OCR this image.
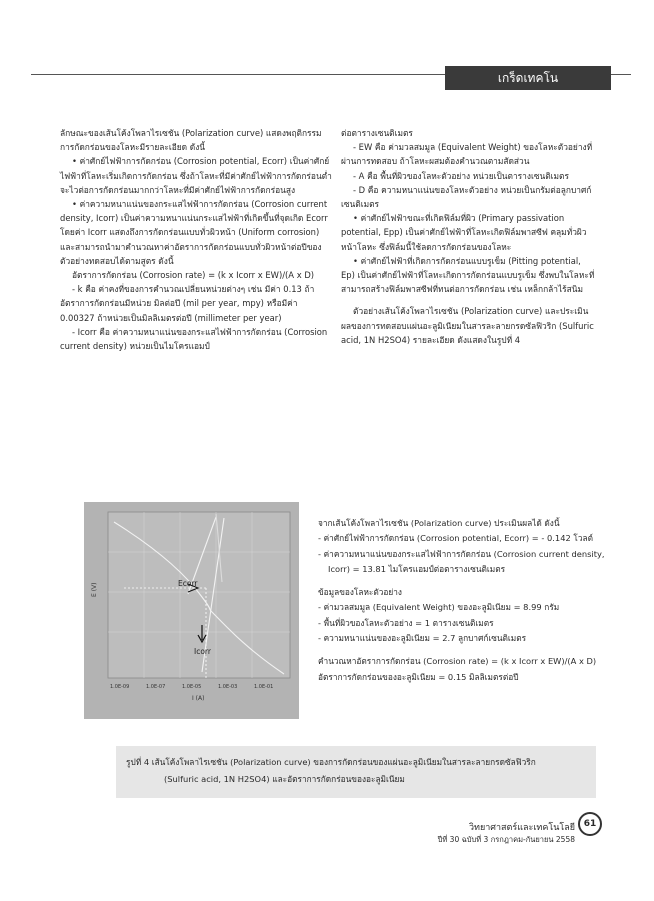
เกร็ดเทคโน

ลักษณะของเส้นโค้งโพลาไรเซชัน (Polarization curve) แสดงพฤติกรรมการกัดกร่อนของโลหะมีรายละเอียด ดังนี้

• ค่าศักย์ไฟฟ้าการกัดกร่อน (Corrosion potential, Ecorr) เป็นค่าศักย์ไฟฟ้าที่โลหะเริ่มเกิดการกัดกร่อน ซึ่งถ้าโลหะที่มีค่าศักย์ไฟฟ้าการกัดกร่อนต่ำ จะไวต่อการกัดกร่อนมากกว่าโลหะที่มีค่าศักย์ไฟฟ้าการกัดกร่อนสูง

• ค่าความหนาแน่นของกระแสไฟฟ้าการกัดกร่อน (Corrosion current density, Icorr) เป็นค่าความหนาแน่นกระแสไฟฟ้าที่เกิดขึ้นที่จุดเกิด Ecorr โดยค่า Icorr แสดงถึงการกัดกร่อนแบบทั่วผิวหน้า (Uniform corrosion) และสามารถนำมาคำนวณหาค่าอัตราการกัดกร่อนแบบทั่วผิวหน้าต่อปีของตัวอย่างทดสอบได้ตามสูตร ดังนี้

อัตราการกัดกร่อน (Corrosion rate) = (k x Icorr x EW)/(A x D)

- k คือ ค่าคงที่ของการคำนวณเปลี่ยนหน่วยต่างๆ เช่น มีค่า 0.13 ถ้าอัตราการกัดกร่อนมีหน่วย มิลต่อปี (mil per year, mpy) หรือมีค่า 0.00327 ถ้าหน่วยเป็นมิลลิเมตรต่อปี (millimeter per year)

- Icorr คือ ค่าความหนาแน่นของกระแสไฟฟ้าการกัดกร่อน (Corrosion current density) หน่วยเป็นไมโครแอมป์

ต่อตารางเซนติเมตร

- EW คือ ค่ามวลสมมูล (Equivalent Weight) ของโลหะตัวอย่างที่ผ่านการทดสอบ ถ้าโลหะผสมต้องคำนวณตามสัดส่วน

- A คือ พื้นที่ผิวของโลหะตัวอย่าง หน่วยเป็นตารางเซนติเมตร

- D คือ ความหนาแน่นของโลหะตัวอย่าง หน่วยเป็นกรัมต่อลูกบาศก์เซนติเมตร

• ค่าศักย์ไฟฟ้าขณะที่เกิดฟิล์มที่ผิว (Primary passivation potential, Epp) เป็นค่าศักย์ไฟฟ้าที่โลหะเกิดฟิล์มพาสซีฟ คลุมทั่วผิวหน้าโลหะ ซึ่งฟิล์มนี้ใช้ลดการกัดกร่อนของโลหะ

• ค่าศักย์ไฟฟ้าที่เกิดการกัดกร่อนแบบรูเข็ม (Pitting potential, Ep) เป็นค่าศักย์ไฟฟ้าที่โลหะเกิดการกัดกร่อนแบบรูเข็ม ซึ่งพบในโลหะที่สามารถสร้างฟิล์มพาสซีฟที่ทนต่อการกัดกร่อน เช่น เหล็กกล้าไร้สนิม

ตัวอย่างเส้นโค้งโพลาไรเซชัน (Polarization curve) และประเมินผลของการทดสอบแผ่นอะลูมิเนียมในสารละลายกรดซัลฟิวริก (Sulfuric acid, 1N H2SO4) รายละเอียด ดังแสดงในรูปที่ 4

Ecorr
Icorr
E (V)
1.0E-09	1.0E-07	1.0E-05	1.0E-03	1.0E-01
I (A)

จากเส้นโค้งโพลาไรเซชัน (Polarization curve) ประเมินผลได้ ดังนี้

- ค่าศักย์ไฟฟ้าการกัดกร่อน (Corrosion potential, Ecorr) = - 0.142 โวลต์

- ค่าความหนาแน่นของกระแสไฟฟ้าการกัดกร่อน (Corrosion current density, Icorr) = 13.81 ไมโครแอมป์ต่อตารางเซนติเมตร

ข้อมูลของโลหะตัวอย่าง

- ค่ามวลสมมูล (Equivalent Weight) ของอะลูมิเนียม = 8.99 กรัม

- พื้นที่ผิวของโลหะตัวอย่าง = 1 ตารางเซนติเมตร

- ความหนาแน่นของอะลูมิเนียม = 2.7 ลูกบาศก์เซนติเมตร

คำนวณหาอัตราการกัดกร่อน (Corrosion rate) = (k x Icorr x EW)/(A x D)

อัตราการกัดกร่อนของอะลูมิเนียม = 0.15 มิลลิเมตรต่อปี

รูปที่ 4 เส้นโค้งโพลาไรเซชัน (Polarization curve) ของการกัดกร่อนของแผ่นอะลูมิเนียมในสารละลายกรดซัลฟิวริก

(Sulfuric acid, 1N H2SO4) และอัตราการกัดกร่อนของอะลูมิเนียม

วิทยาศาสตร์และเทคโนโลยี
ปีที่ 30 ฉบับที่ 3 กรกฎาคม-กันยายน 2558
61
